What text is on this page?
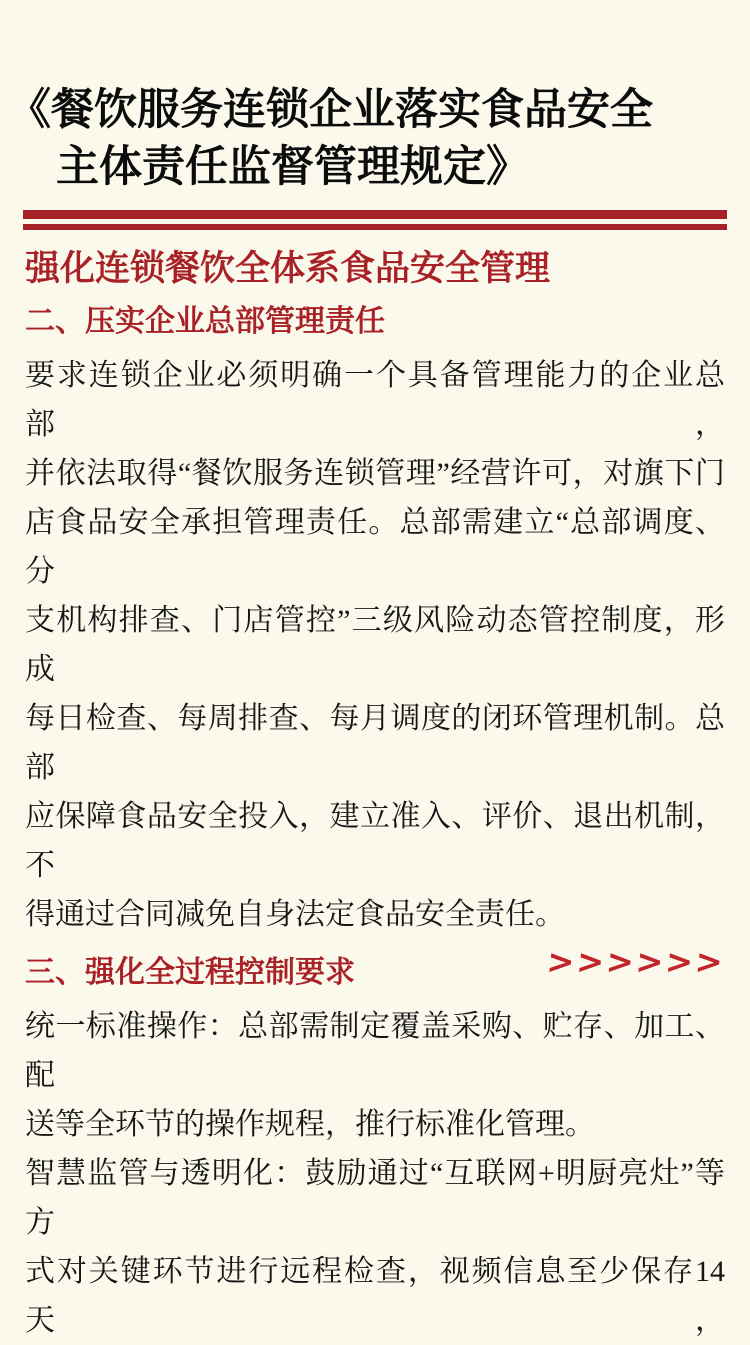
《餐饮服务连锁企业落实食品安全
主体责任监督管理规定》
强化连锁餐饮全体系食品安全管理
二、压实企业总部管理责任
要求连锁企业必须明确一个具备管理能力的企业总部，
并依法取得“餐饮服务连锁管理”经营许可，对旗下门
店食品安全承担管理责任。总部需建立“总部调度、分
支机构排查、门店管控”三级风险动态管控制度，形成
每日检查、每周排查、每月调度的闭环管理机制。总部
应保障食品安全投入，建立准入、评价、退出机制，不
得通过合同减免自身法定食品安全责任。
三、强化全过程控制要求
统一标准操作：总部需制定覆盖采购、贮存、加工、配
送等全环节的操作规程，推行标准化管理。
智慧监管与透明化：鼓励通过“互联网+明厨亮灶”等方
式对关键环节进行远程检查，视频信息至少保存14天，
>>>>>>
